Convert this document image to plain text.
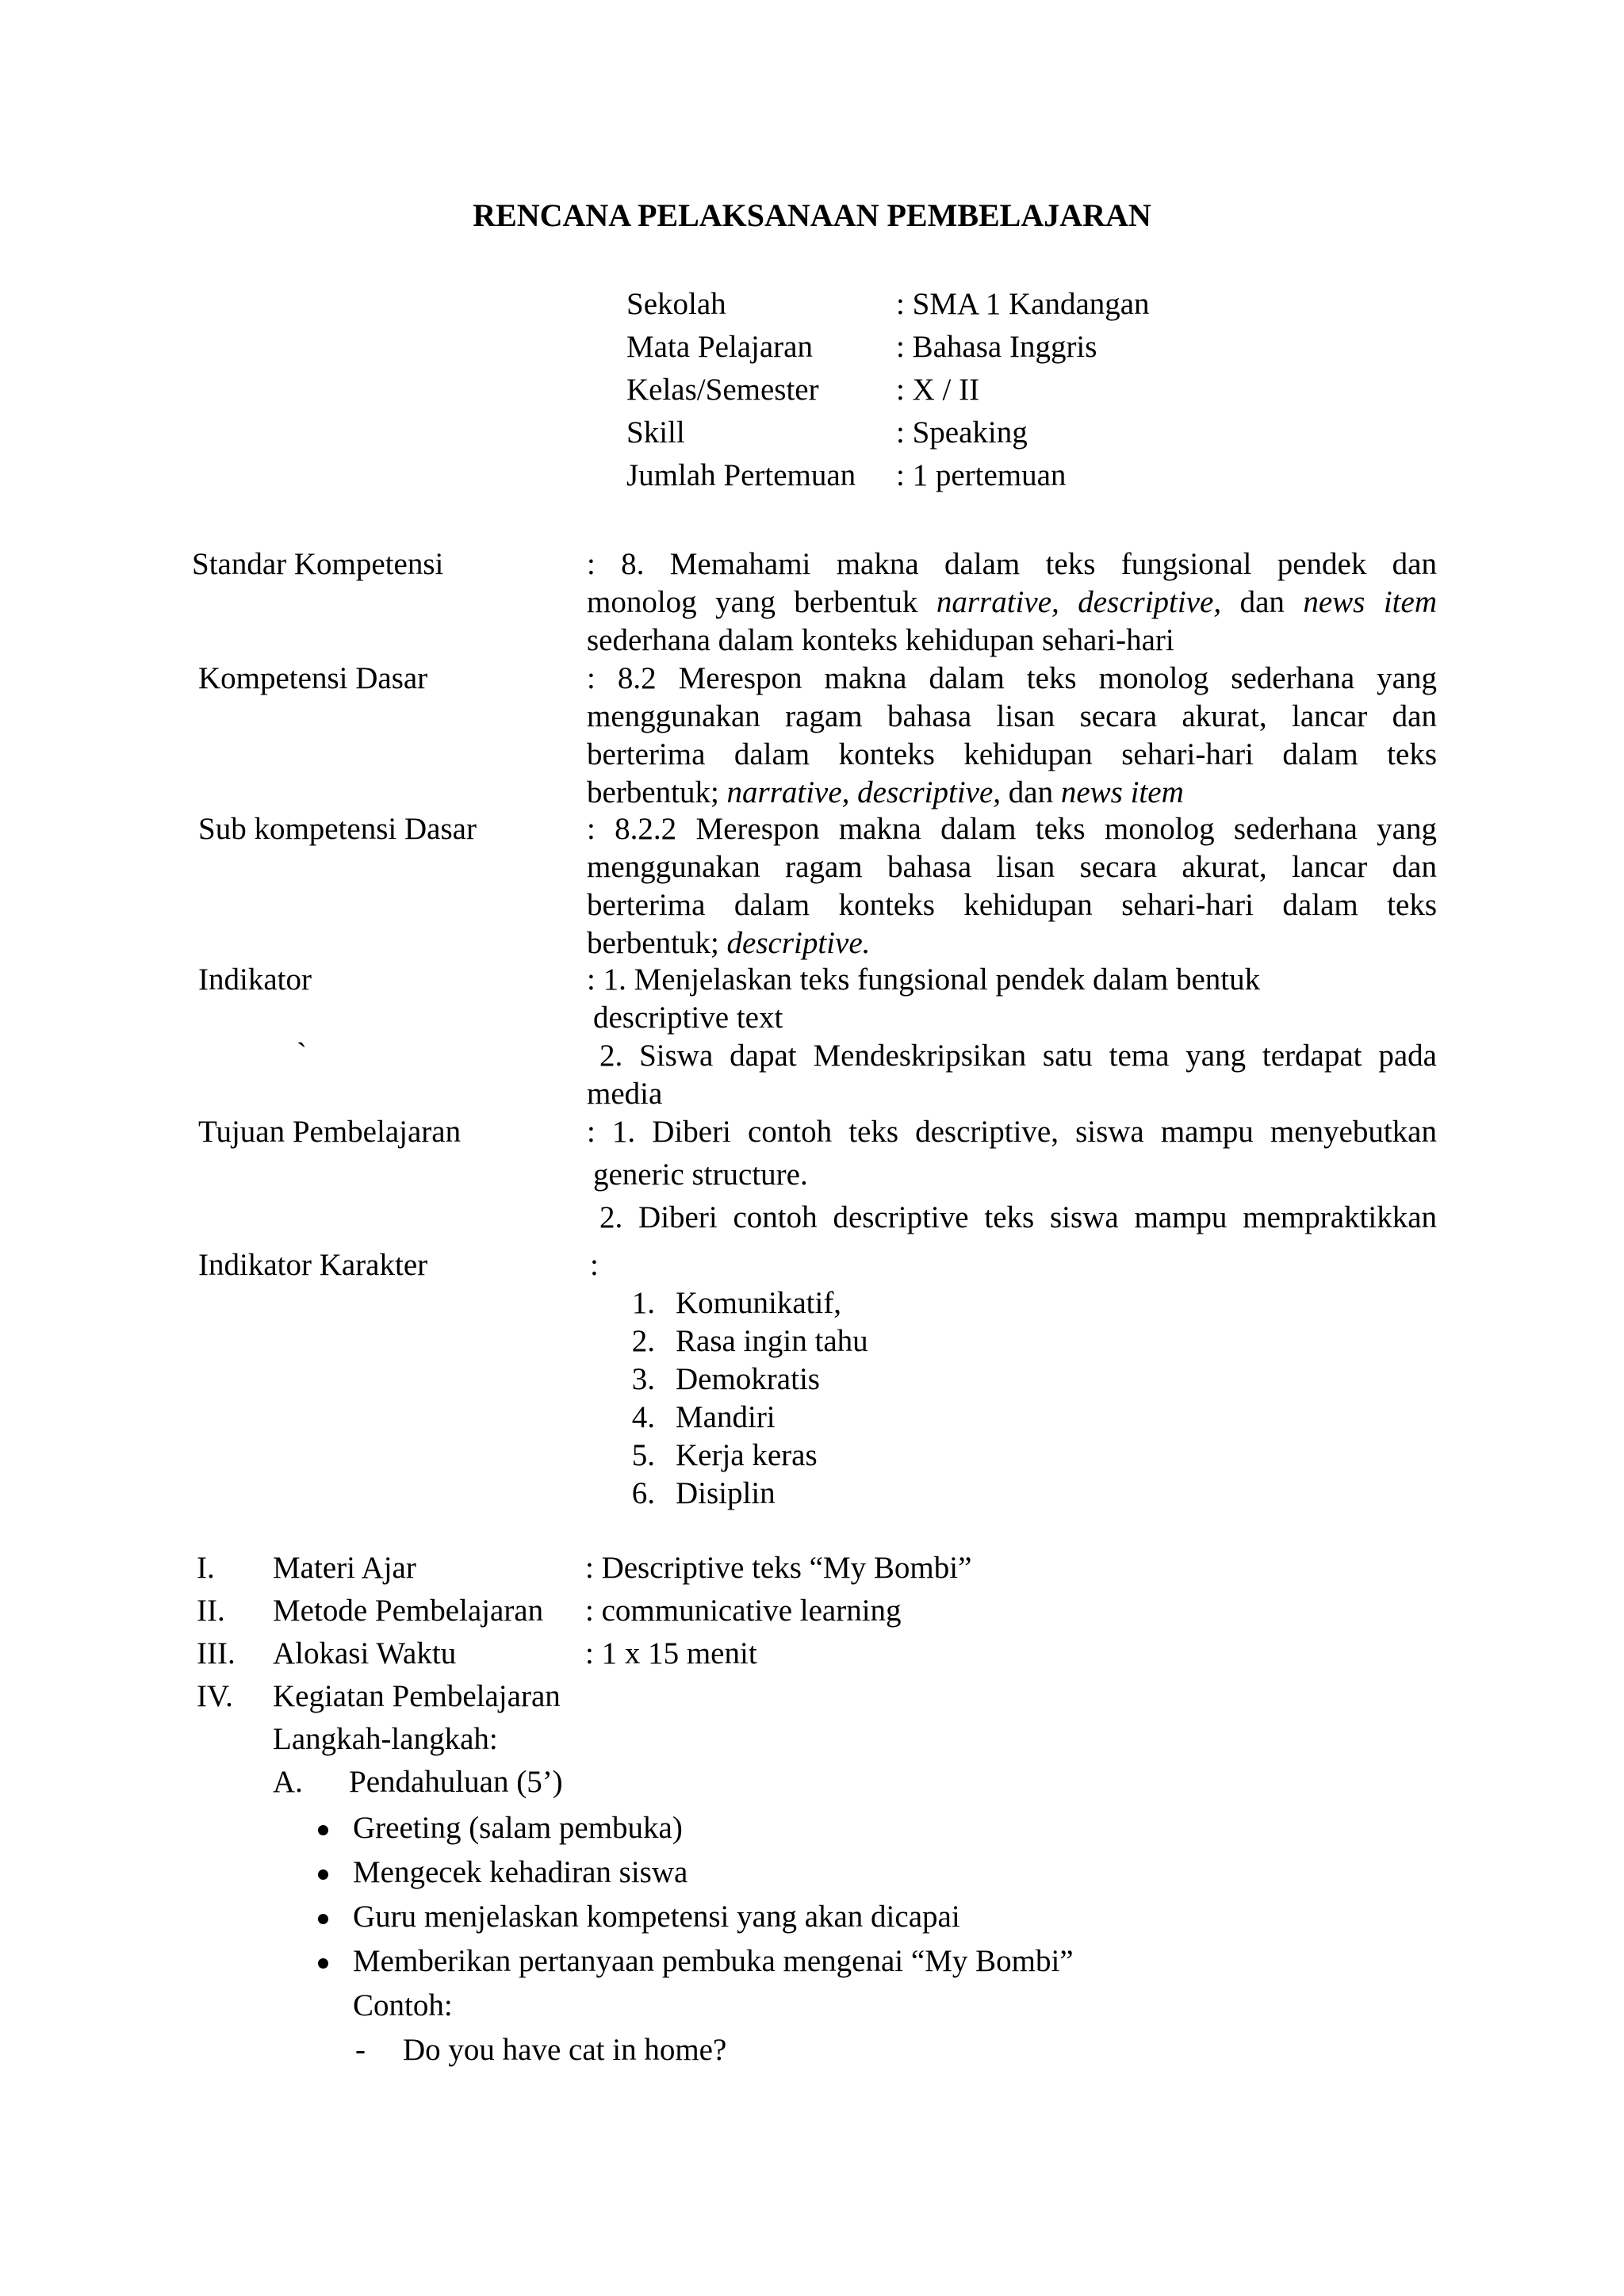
RENCANA PELAKSANAAN PEMBELAJARAN
Sekolah	: SMA 1 Kandangan
Mata Pelajaran	: Bahasa Inggris
Kelas/Semester : X / II
Skill	: Speaking
Jumlah Pertemuan : 1 pertemuan
Standar Kompetensi	: 8. Memahami makna dalam teks fungsional pendek dan
monolog yang berbentuk narrative, descriptive, dan news item
sederhana dalam konteks kehidupan sehari-hari
Kompetensi Dasar	: 8.2 Merespon makna dalam teks monolog sederhana yang
menggunakan ragam bahasa lisan secara akurat, lancar dan
berterima dalam konteks kehidupan sehari-hari dalam teks
berbentuk; narrative, descriptive, dan news item
Sub kompetensi Dasar	: 8.2.2 Merespon makna dalam teks monolog sederhana yang
menggunakan ragam bahasa lisan secara akurat, lancar dan
berterima dalam konteks kehidupan sehari-hari dalam teks
berbentuk; descriptive.
Indikator
`
: 1. Menjelaskan teks fungsional pendek dalam bentuk
descriptive text
2. Siswa dapat Mendeskripsikan satu tema yang terdapat pada
media
Tujuan Pembelajaran	: 1. Diberi contoh teks descriptive, siswa mampu menyebutkan
generic structure.
2. Diberi contoh descriptive teks siswa mampu mempraktikkan
Indikator Karakter	:
1. Komunikatif,
2. Rasa ingin tahu
3. Demokratis
4. Mandiri
5. Kerja keras
6. Disiplin
I. Materi Ajar	: Descriptive teks “My Bombi”
II. Metode Pembelajaran : communicative learning
III. Alokasi Waktu	: 1 x 15 menit
IV. Kegiatan Pembelajaran
Langkah-langkah:
A. Pendahuluan (5’)
Greeting (salam pembuka)
Mengecek kehadiran siswa
Guru menjelaskan kompetensi yang akan dicapai
Memberikan pertanyaan pembuka mengenai “My Bombi”
Contoh:
- Do you have cat in home?
